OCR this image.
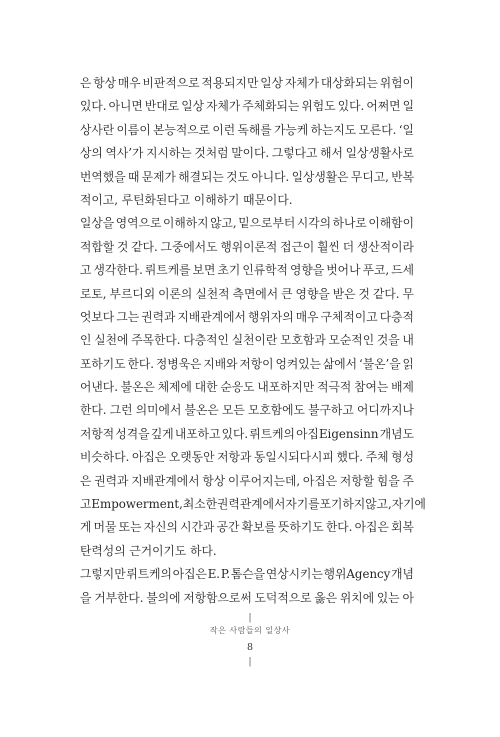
은 항상 매우 비판적으로 적용되지만 일상 자체가 대상화되는 위험이
있다. 아니면 반대로 일상 자체가 주체화되는 위험도 있다. 어쩌면 일
상사란 이름이 본능적으로 이런 독해를 가능케 하는지도 모른다. ‘일
상의 역사’가 지시하는 것처럼 말이다. 그렇다고 해서 일상생활사로
번역했을 때 문제가 해결되는 것도 아니다. 일상생활은 무디고, 반복
적이고, 루틴화된다고 이해하기 때문이다.
일상을 영역으로 이해하지 않고, 밑으로부터 시각의 하나로 이해함이
적합할 것 같다. 그중에서도 행위이론적 접근이 훨씬 더 생산적이라
고 생각한다. 뤼트케를 보면 초기 인류학적 영향을 벗어나 푸코, 드세
로토, 부르디외 이론의 실천적 측면에서 큰 영향을 받은 것 같다. 무
엇보다 그는 권력과 지배관계에서 행위자의 매우 구체적이고 다층적
인 실천에 주목한다. 다층적인 실천이란 모호함과 모순적인 것을 내
포하기도 한다. 정병욱은 지배와 저항이 엉켜있는 삶에서 ‘불온’을 읽
어낸다. 불온은 체제에 대한 순응도 내포하지만 적극적 참여는 배제
한다. 그런 의미에서 불온은 모든 모호함에도 불구하고 어디까지나
저항적 성격을 깊게 내포하고 있다. 뤼트케의 아집Eigensinn 개념도
비슷하다. 아집은 오랫동안 저항과 동일시되다시피 했다. 주체 형성
은 권력과 지배관계에서 항상 이루어지는데, 아집은 저항할 힘을 주
고Empowerment, 최소한 권력관계에서 자기를 포기하지 않고, 자기에
게 머물 또는 자신의 시간과 공간 확보를 뜻하기도 한다. 아집은 회복
탄력성의 근거이기도 하다.
그렇지만 뤼트케의 아집은 E. P. 톰슨을 연상시키는 행위Agency 개념
을 거부한다. 불의에 저항함으로써 도덕적으로 옳은 위치에 있는 아
|
작은 사람들의 일상사
8
|
